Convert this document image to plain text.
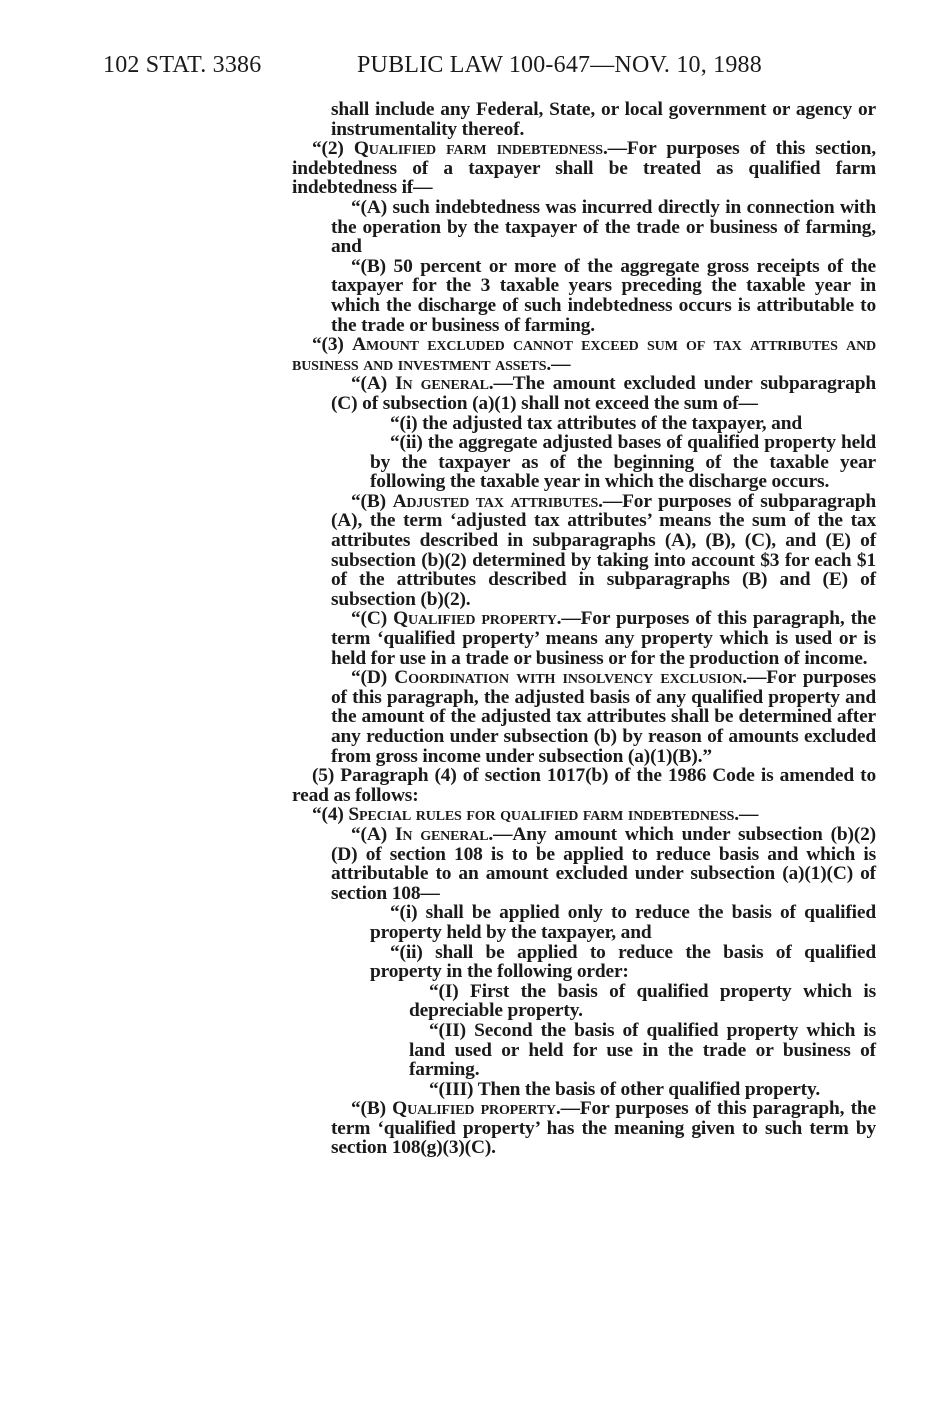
102 STAT. 3386	PUBLIC LAW 100-647—NOV. 10, 1988

shall include any Federal, State, or local government or agency or instrumentality thereof.

“(2) Qualified farm indebtedness.—For purposes of this section, indebtedness of a taxpayer shall be treated as qualified farm indebtedness if—

“(A) such indebtedness was incurred directly in connection with the operation by the taxpayer of the trade or business of farming, and

“(B) 50 percent or more of the aggregate gross receipts of the taxpayer for the 3 taxable years preceding the taxable year in which the discharge of such indebtedness occurs is attributable to the trade or business of farming.

“(3) Amount excluded cannot exceed sum of tax attributes and business and investment assets.—

“(A) In general.—The amount excluded under subparagraph (C) of subsection (a)(1) shall not exceed the sum of—

“(i) the adjusted tax attributes of the taxpayer, and

“(ii) the aggregate adjusted bases of qualified property held by the taxpayer as of the beginning of the taxable year following the taxable year in which the discharge occurs.

“(B) Adjusted tax attributes.—For purposes of subparagraph (A), the term ‘adjusted tax attributes’ means the sum of the tax attributes described in subparagraphs (A), (B), (C), and (E) of subsection (b)(2) determined by taking into account $3 for each $1 of the attributes described in subparagraphs (B) and (E) of subsection (b)(2).

“(C) Qualified property.—For purposes of this paragraph, the term ‘qualified property’ means any property which is used or is held for use in a trade or business or for the production of income.

“(D) Coordination with insolvency exclusion.—For purposes of this paragraph, the adjusted basis of any qualified property and the amount of the adjusted tax attributes shall be determined after any reduction under subsection (b) by reason of amounts excluded from gross income under subsection (a)(1)(B).”

(5) Paragraph (4) of section 1017(b) of the 1986 Code is amended to read as follows:

“(4) Special rules for qualified farm indebtedness.—

“(A) In general.—Any amount which under subsection (b)(2)(D) of section 108 is to be applied to reduce basis and which is attributable to an amount excluded under subsection (a)(1)(C) of section 108—

“(i) shall be applied only to reduce the basis of qualified property held by the taxpayer, and

“(ii) shall be applied to reduce the basis of qualified property in the following order:

“(I) First the basis of qualified property which is depreciable property.

“(II) Second the basis of qualified property which is land used or held for use in the trade or business of farming.

“(III) Then the basis of other qualified property.

“(B) Qualified property.—For purposes of this paragraph, the term ‘qualified property’ has the meaning given to such term by section 108(g)(3)(C).
